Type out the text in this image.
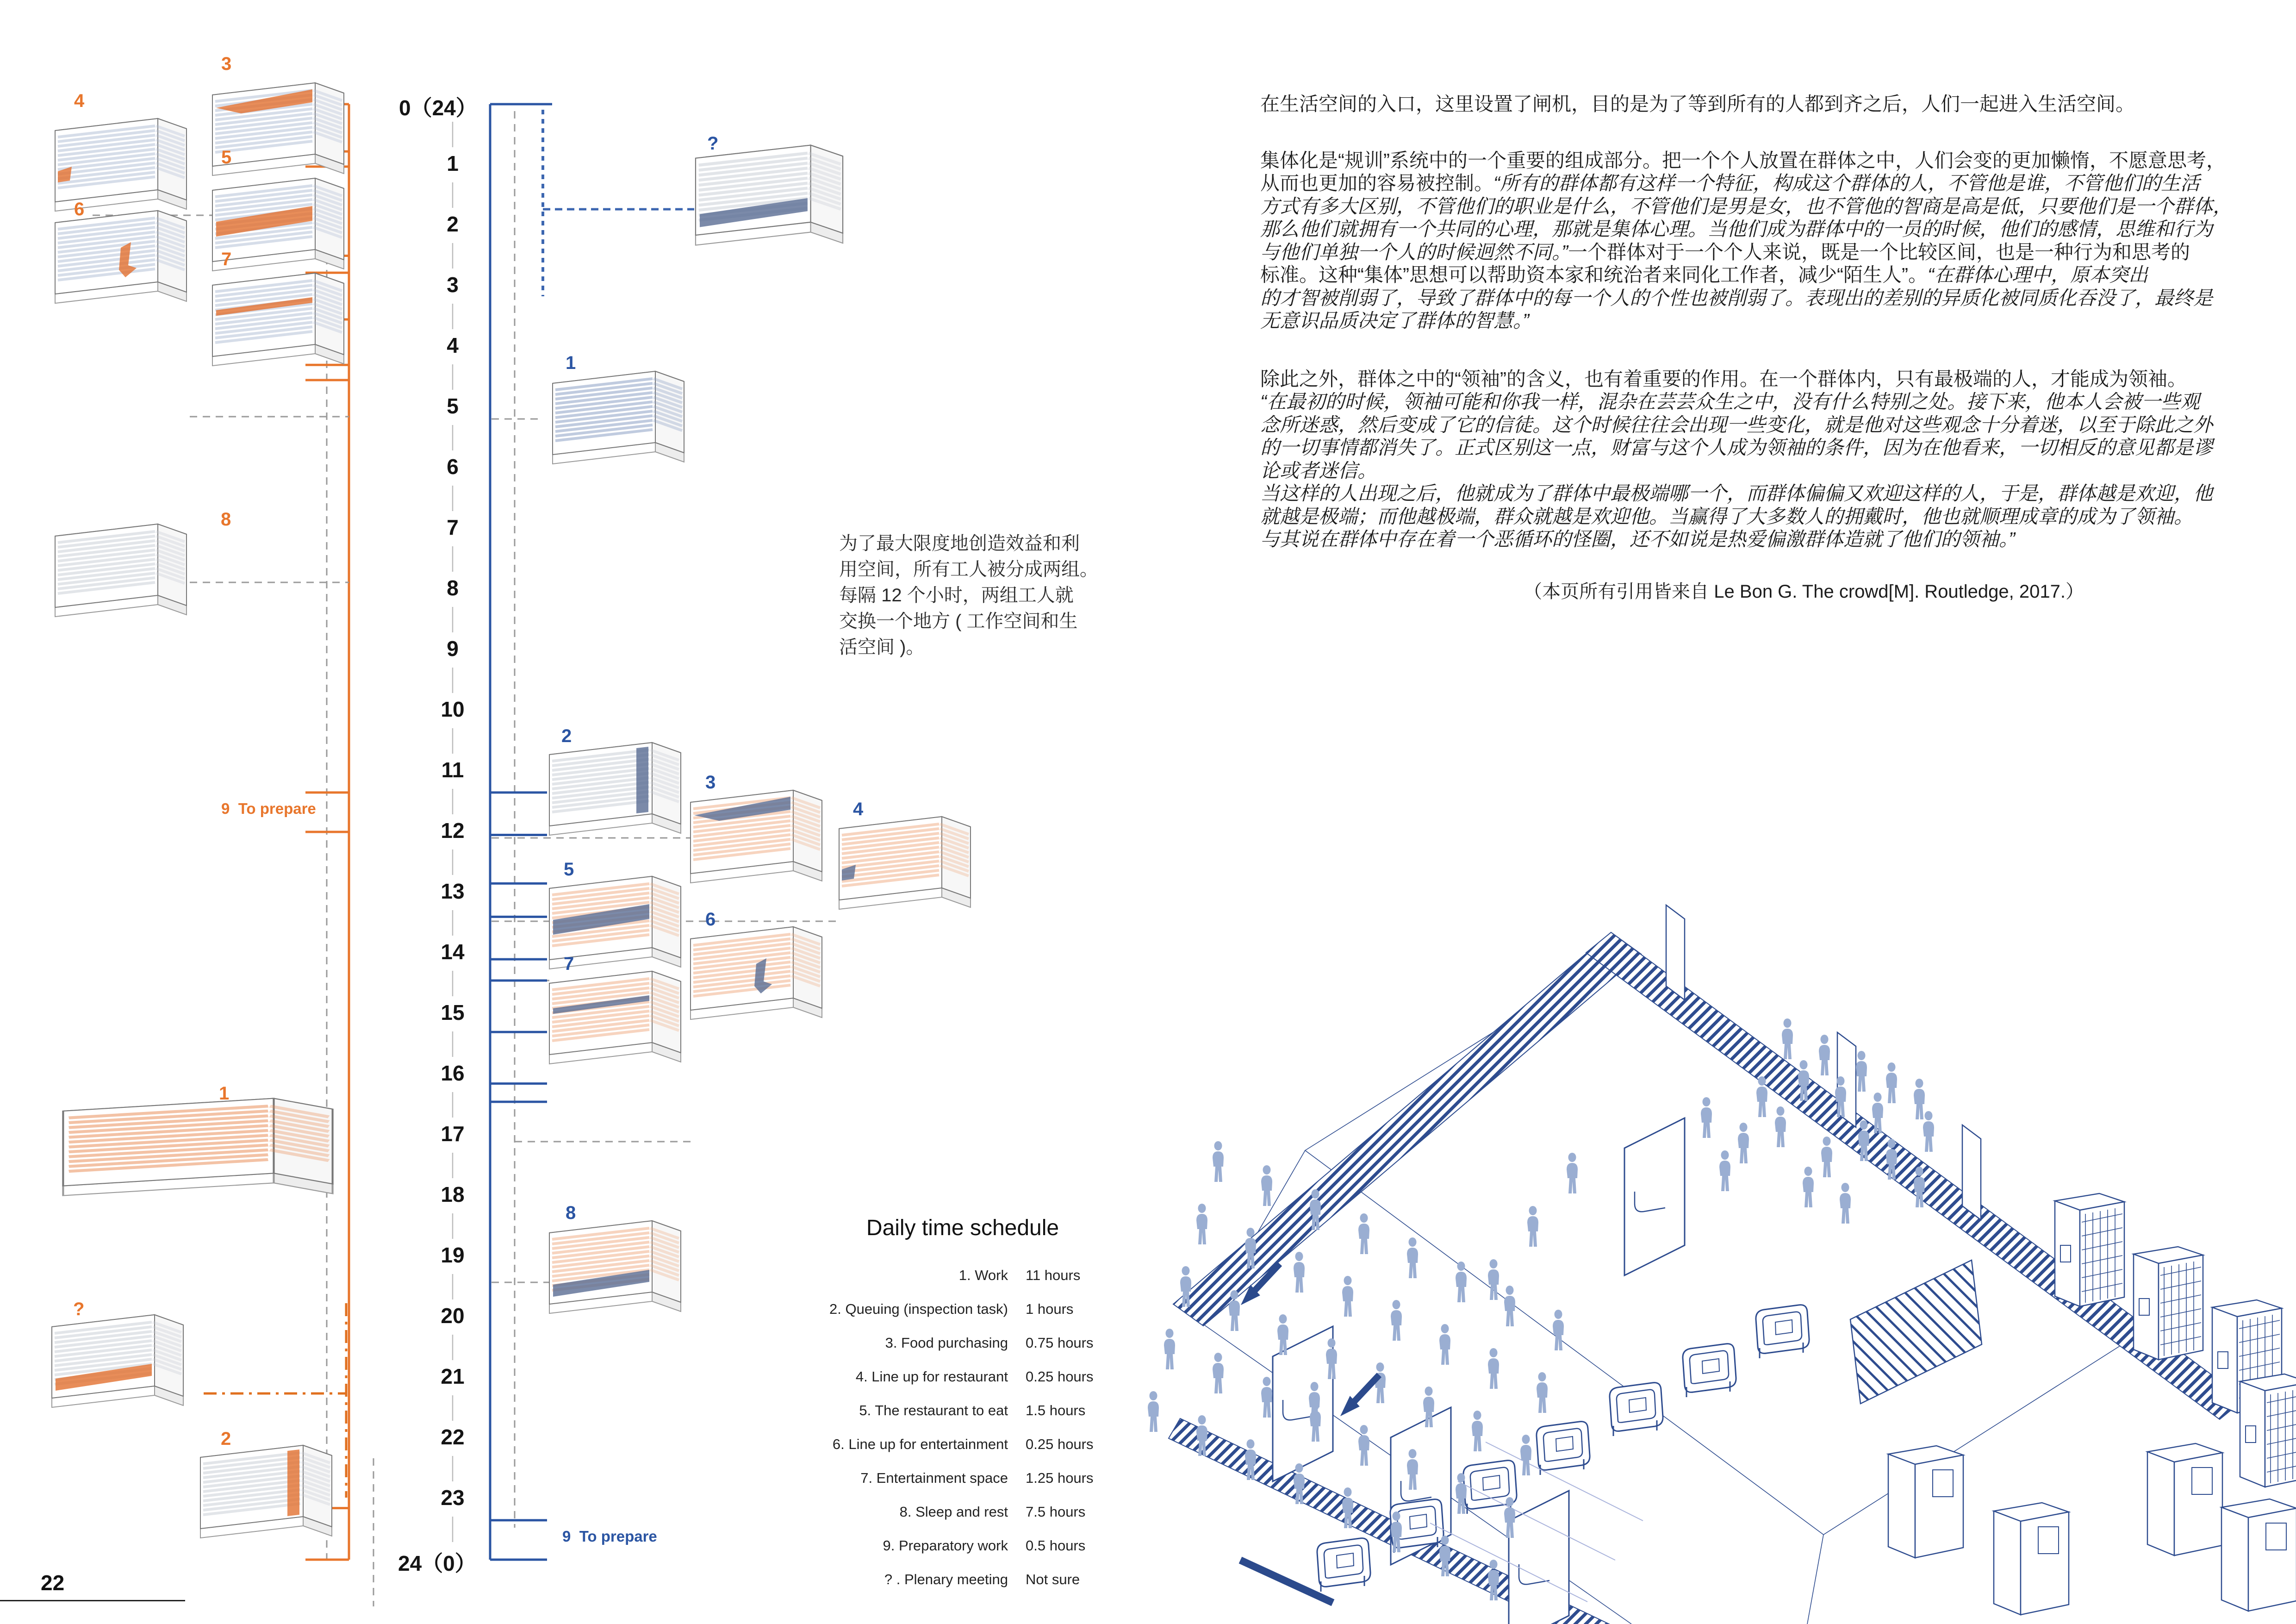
1
2
3
4
5
6
7
8
9
10
11
12
13
14
15
16
17
18
19
20
21
22
23
0（24）
24（0）
9  To prepare
9  To prepare
4
3
6
5
7
8
1
?
2
?
1
2
3
4
5
6
7
8
为了最大限度地创造效益和利
用空间，所有工人被分成两组。
每隔 12 个小时，两组工人就
交换一个地方 ( 工作空间和生
活空间 )。
Daily time schedule
1. Work 11 hours
2. Queuing (inspection task) 1 hours
3. Food purchasing 0.75 hours
4. Line up for restaurant 0.25 hours
5. The restaurant to eat 1.5 hours
6. Line up for entertainment 0.25 hours
7. Entertainment space 1.25 hours
8. Sleep and rest 7.5 hours
9. Preparatory work 0.5 hours
? . Plenary meeting Not sure
在生活空间的入口，这里设置了闸机，目的是为了等到所有的人都到齐之后，人们一起进入生活空间。
集体化是“规训”系统中的一个重要的组成部分。把一个个人放置在群体之中，人们会变的更加懒惰，不愿意思考，
从而也更加的容易被控制。“所有的群体都有这样一个特征，构成这个群体的人，不管他是谁，不管他们的生活
方式有多大区别，不管他们的职业是什么，不管他们是男是女，也不管他的智商是高是低，只要他们是一个群体，
那么他们就拥有一个共同的心理，那就是集体心理。当他们成为群体中的一员的时候，他们的感情，思维和行为
与他们单独一个人的时候迥然不同。”一个群体对于一个个人来说，既是一个比较区间，也是一种行为和思考的
标准。这种“集体”思想可以帮助资本家和统治者来同化工作者，减少“陌生人”。“在群体心理中，原本突出
的才智被削弱了，导致了群体中的每一个人的个性也被削弱了。表现出的差别的异质化被同质化吞没了，最终是
无意识品质决定了群体的智慧。”
除此之外，群体之中的“领袖”的含义，也有着重要的作用。在一个群体内，只有最极端的人，才能成为领袖。
“在最初的时候，领袖可能和你我一样，混杂在芸芸众生之中，没有什么特别之处。接下来，他本人会被一些观
念所迷惑，然后变成了它的信徒。这个时候往往会出现一些变化，就是他对这些观念十分着迷，以至于除此之外
的一切事情都消失了。正式区别这一点，财富与这个人成为领袖的条件，因为在他看来，一切相反的意见都是谬
论或者迷信。
当这样的人出现之后，他就成为了群体中最极端哪一个，而群体偏偏又欢迎这样的人，于是，群体越是欢迎，他
就越是极端；而他越极端，群众就越是欢迎他。当赢得了大多数人的拥戴时，他也就顺理成章的成为了领袖。
与其说在群体中存在着一个恶循环的怪圈，还不如说是热爱偏激群体造就了他们的领袖。”
（本页所有引用皆来自 Le Bon G. The crowd[M]. Routledge, 2017.）
22
